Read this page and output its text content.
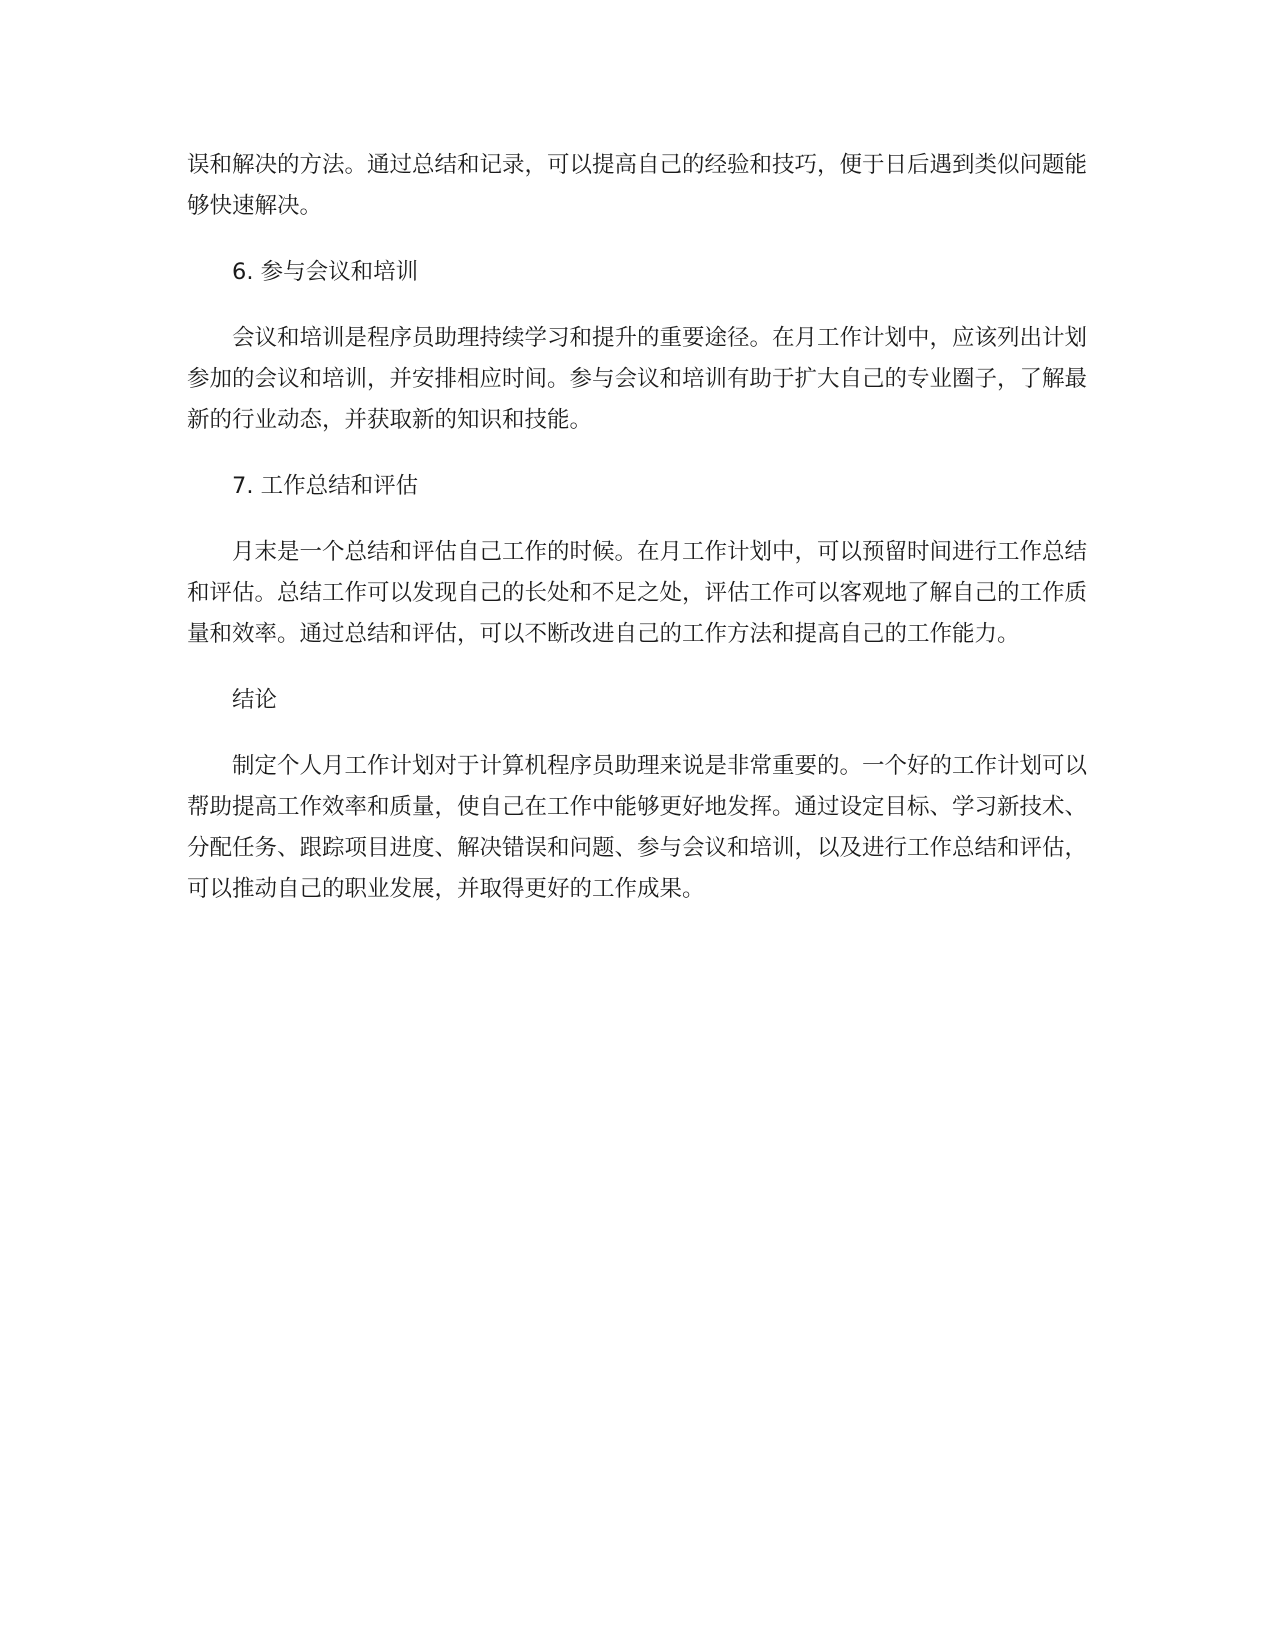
误和解决的方法。通过总结和记录，可以提高自己的经验和技巧，便于日后遇到类似问题能够快速解决。

6. 参与会议和培训

会议和培训是程序员助理持续学习和提升的重要途径。在月工作计划中，应该列出计划参加的会议和培训，并安排相应时间。参与会议和培训有助于扩大自己的专业圈子，了解最新的行业动态，并获取新的知识和技能。

7. 工作总结和评估

月末是一个总结和评估自己工作的时候。在月工作计划中，可以预留时间进行工作总结和评估。总结工作可以发现自己的长处和不足之处，评估工作可以客观地了解自己的工作质量和效率。通过总结和评估，可以不断改进自己的工作方法和提高自己的工作能力。

结论

制定个人月工作计划对于计算机程序员助理来说是非常重要的。一个好的工作计划可以帮助提高工作效率和质量，使自己在工作中能够更好地发挥。通过设定目标、学习新技术、分配任务、跟踪项目进度、解决错误和问题、参与会议和培训，以及进行工作总结和评估，可以推动自己的职业发展，并取得更好的工作成果。
